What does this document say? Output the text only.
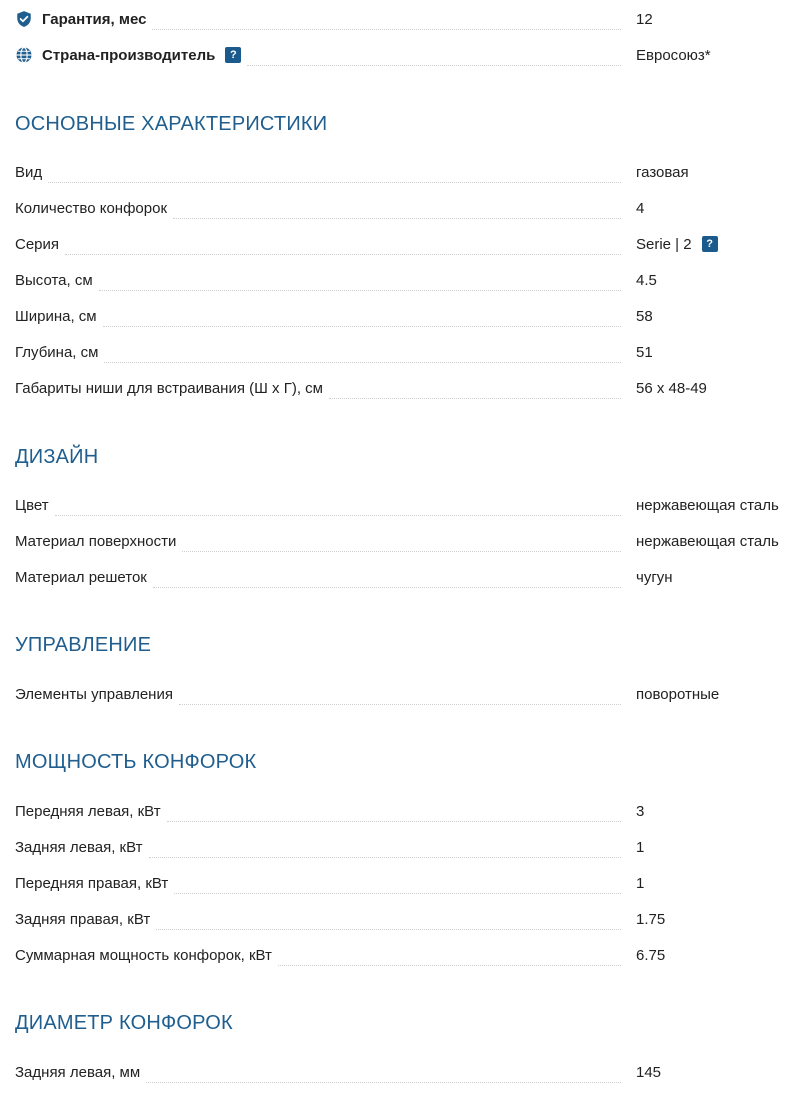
Гарантия, мес	12
Страна-производитель	?	Евросоюз*
ОСНОВНЫЕ ХАРАКТЕРИСТИКИ
Вид	газовая
Количество конфорок	4
Серия	Serie | 2	?
Высота, см	4.5
Ширина, см	58
Глубина, см	51
Габариты ниши для встраивания (Ш х Г), см	56 x 48-49
ДИЗАЙН
Цвет	нержавеющая сталь
Материал поверхности	нержавеющая сталь
Материал решеток	чугун
УПРАВЛЕНИЕ
Элементы управления	поворотные
МОЩНОСТЬ КОНФОРОК
Передняя левая, кВт	3
Задняя левая, кВт	1
Передняя правая, кВт	1
Задняя правая, кВт	1.75
Суммарная мощность конфорок, кВт	6.75
ДИАМЕТР КОНФОРОК
Задняя левая, мм	145
